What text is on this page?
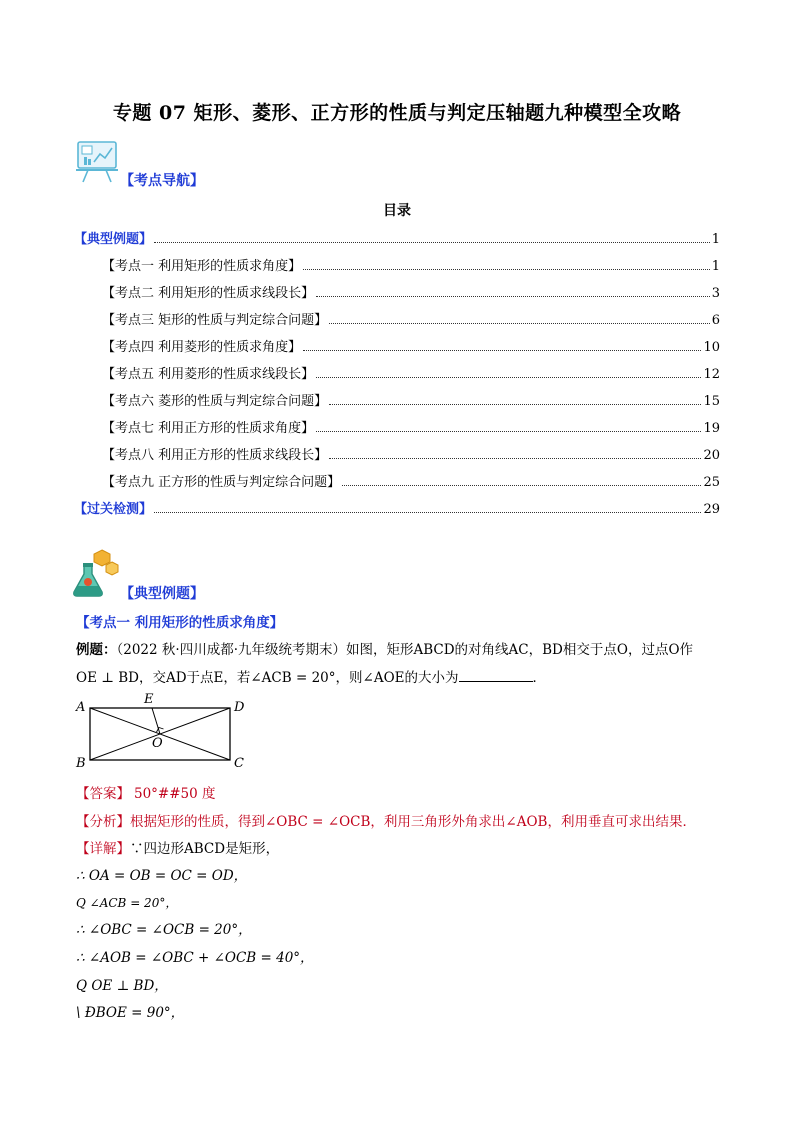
专题 07 矩形、菱形、正方形的性质与判定压轴题九种模型全攻略
【考点导航】
目录
【典型例题】	1
【考点一 利用矩形的性质求角度】	1
【考点二 利用矩形的性质求线段长】	3
【考点三 矩形的性质与判定综合问题】	6
【考点四 利用菱形的性质求角度】	10
【考点五 利用菱形的性质求线段长】	12
【考点六 菱形的性质与判定综合问题】	15
【考点七 利用正方形的性质求角度】	19
【考点八 利用正方形的性质求线段长】	20
【考点九 正方形的性质与判定综合问题】	25
【过关检测】	29
【典型例题】
【考点一 利用矩形的性质求角度】
例题：（2022 秋·四川成都·九年级统考期末）如图，矩形ABCD的对角线AC，BD相交于点O，过点O作
OE ⊥ BD，交AD于点E，若∠ACB = 20°，则∠AOE的大小为	．
A	D
B	C
E
O
【答案】 50°##50 度
【分析】根据矩形的性质，得到∠OBC = ∠OCB，利用三角形外角求出∠AOB，利用垂直可求出结果．
【详解】∵四边形ABCD是矩形，
∴ OA = OB = OC = OD，
Q ∠ACB = 20°，
∴ ∠OBC = ∠OCB = 20°，
∴ ∠AOB = ∠OBC + ∠OCB = 40°，
Q OE ⊥ BD，
\ ÐBOE = 90°，
